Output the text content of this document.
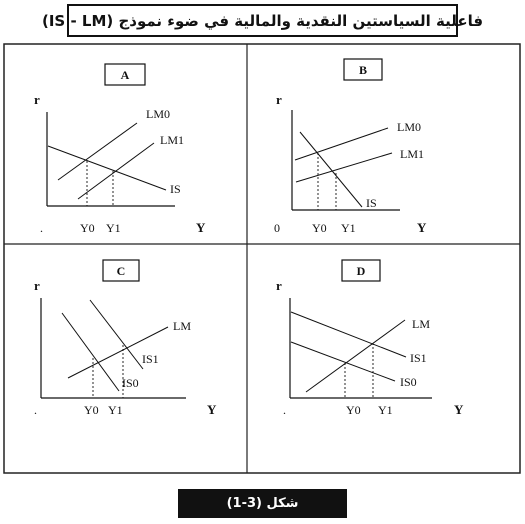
فاعلية السياستين النقدية والمالية في ضوء نموذج (IS - LM)
A
r
Y
.
LM0
LM1
IS
Y0 Y1
B
r
Y
0
LM0
LM1
IS
Y0 Y1
C
r
Y
.
LM
IS1
IS0
Y0 Y1
D
r
Y
.
LM
IS1
IS0
Y0 Y1
شكل (3-1)
